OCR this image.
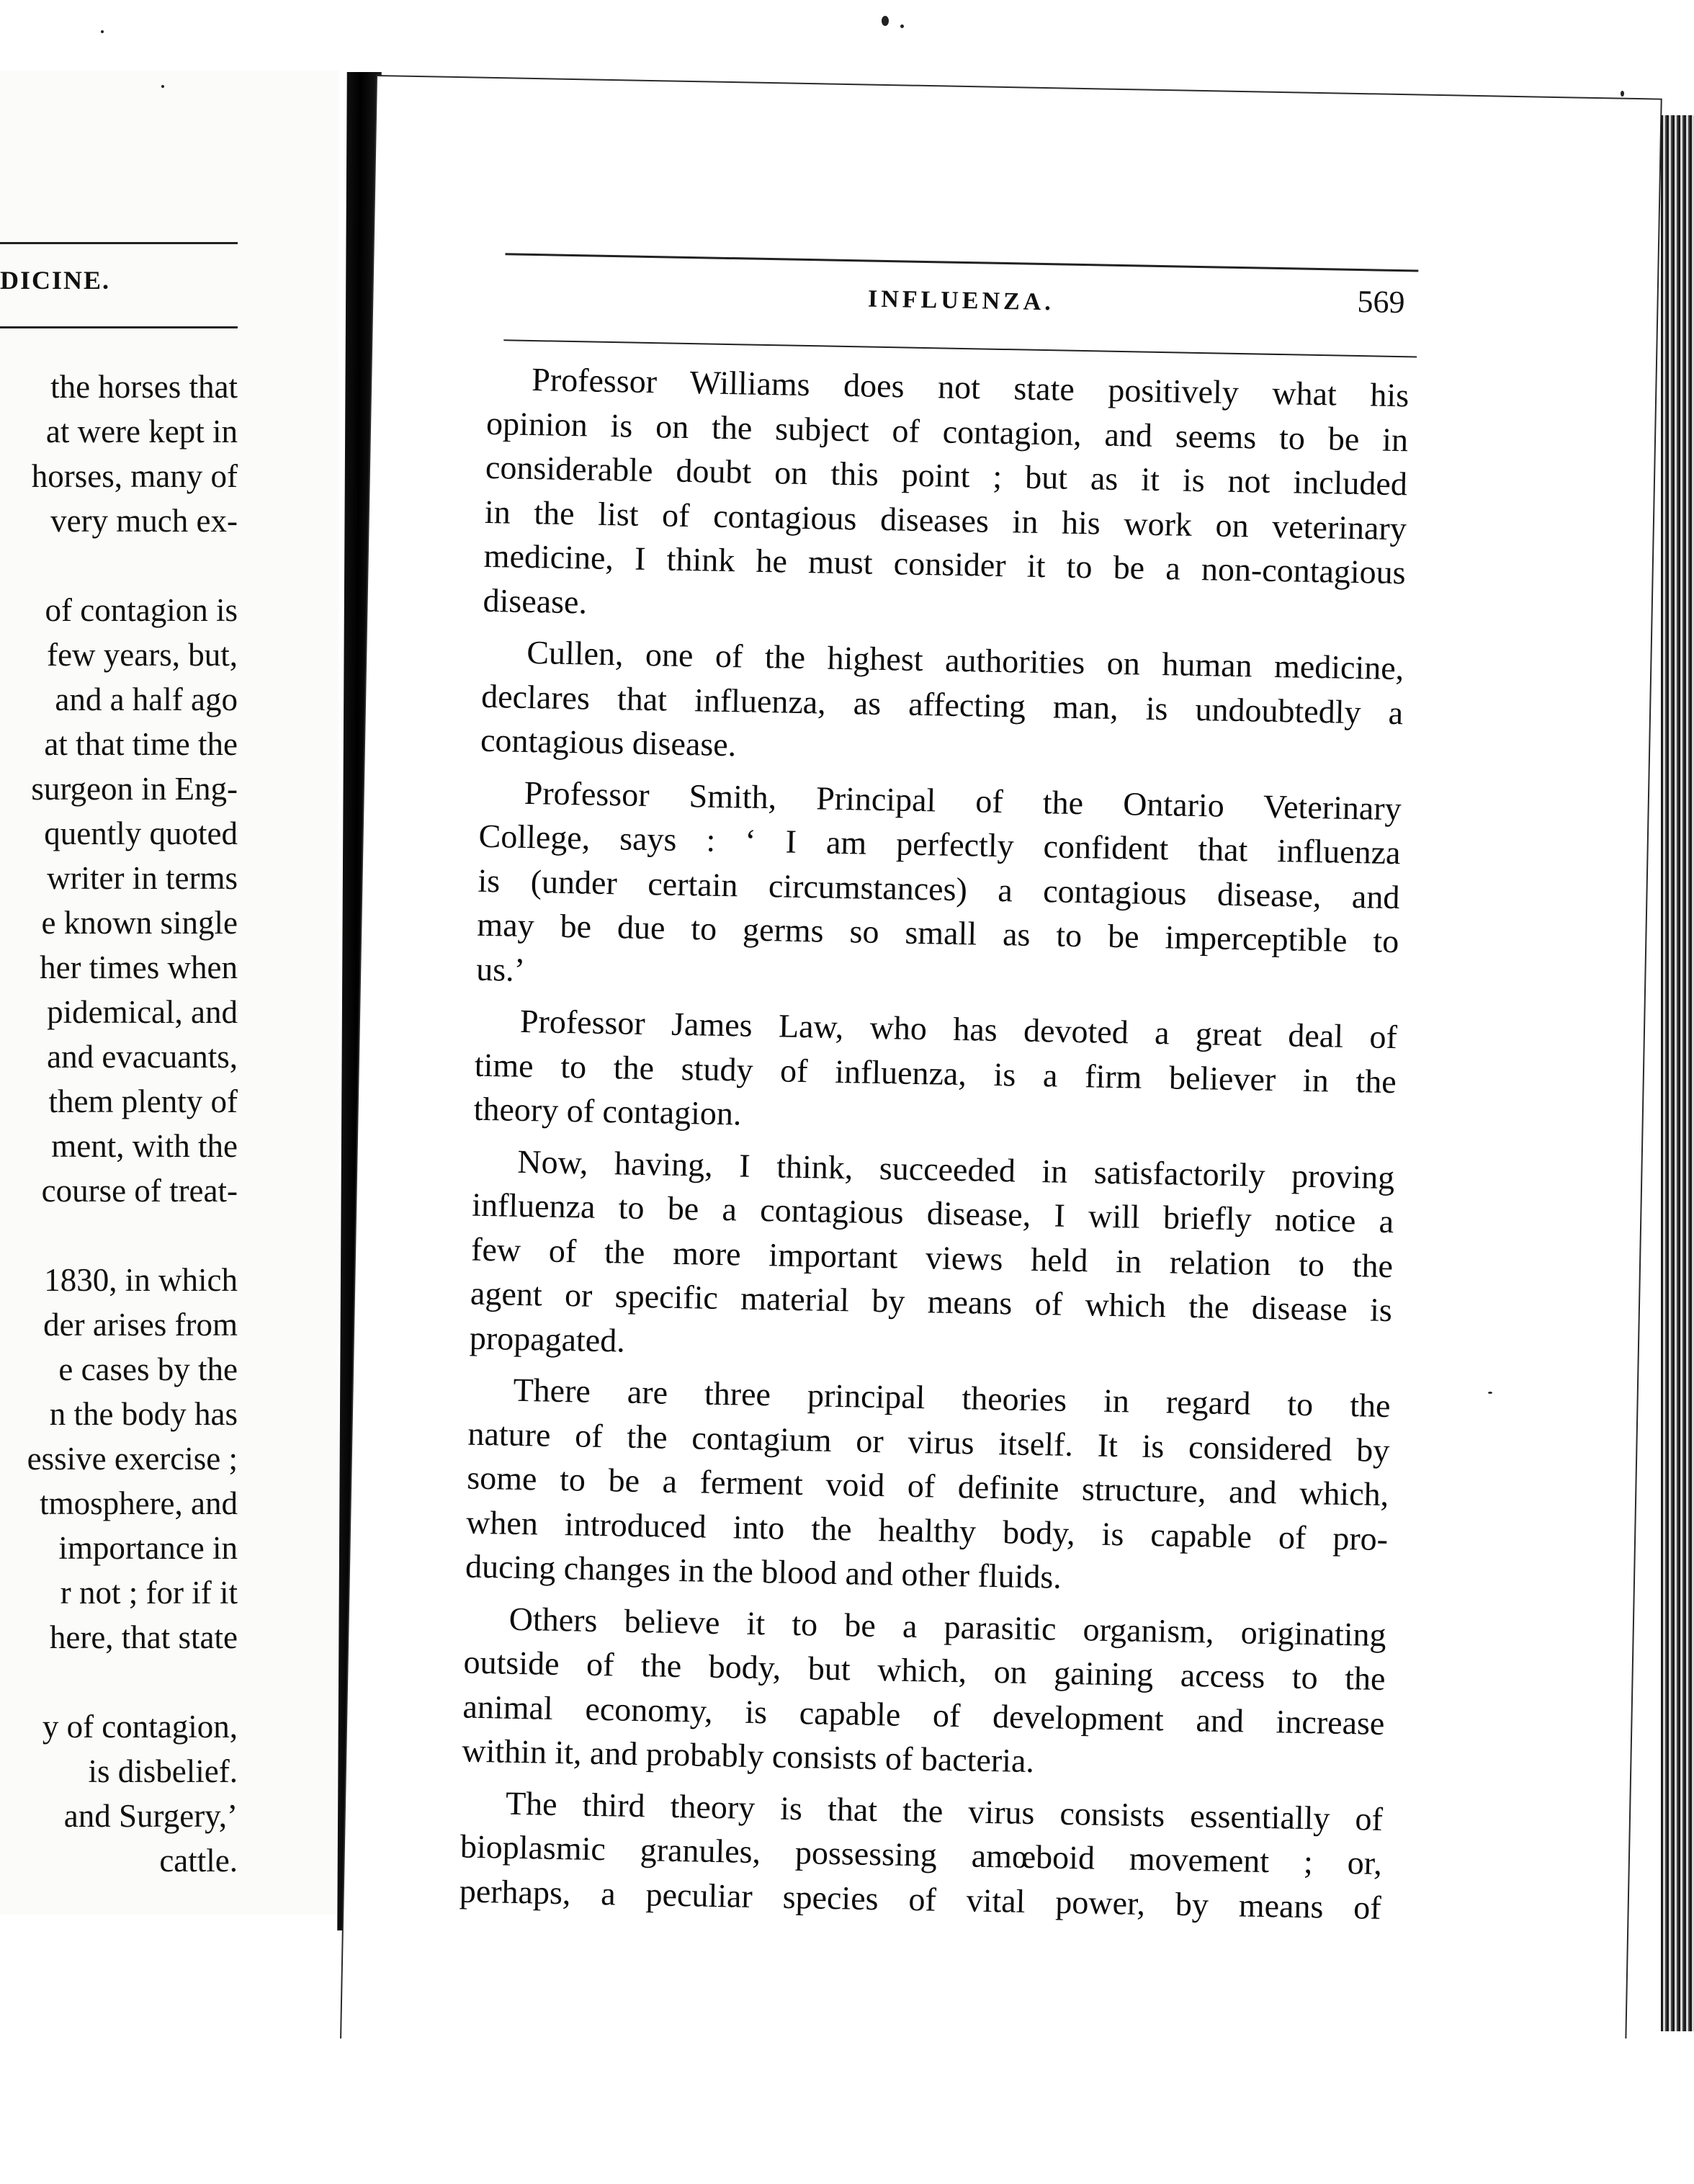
DICINE.
the horses that
at were kept in
horses, many of
very much ex-
of contagion is
few years, but,
and a half ago
at that time the
surgeon in Eng-
quently quoted
writer in terms
e known single
her times when
pidemical, and
and evacuants,
them plenty of
ment, with the
course of treat-
1830, in which
der arises from
e cases by the
n the body has
essive exercise ;
tmosphere, and
importance in
r not ; for if it
here, that state
y of contagion,
is disbelief.
and Surgery,’
cattle.
INFLUENZA.	569
Professor Williams does not state positively what his
opinion is on the subject of contagion, and seems to be in
considerable doubt on this point ; but as it is not included
in the list of contagious diseases in his work on veterinary
medicine, I think he must consider it to be a non-contagious
disease.
Cullen, one of the highest authorities on human medicine,
declares that influenza, as affecting man, is undoubtedly a
contagious disease.
Professor Smith, Principal of the Ontario Veterinary
College, says : ‘ I am perfectly confident that influenza
is (under certain circumstances) a contagious disease, and
may be due to germs so small as to be imperceptible to
us.’
Professor James Law, who has devoted a great deal of
time to the study of influenza, is a firm believer in the
theory of contagion.
Now, having, I think, succeeded in satisfactorily proving
influenza to be a contagious disease, I will briefly notice a
few of the more important views held in relation to the
agent or specific material by means of which the disease is
propagated.
There are three principal theories in regard to the
nature of the contagium or virus itself. It is considered by
some to be a ferment void of definite structure, and which,
when introduced into the healthy body, is capable of pro-
ducing changes in the blood and other fluids.
Others believe it to be a parasitic organism, originating
outside of the body, but which, on gaining access to the
animal economy, is capable of development and increase
within it, and probably consists of bacteria.
The third theory is that the virus consists essentially of
bioplasmic granules, possessing amœboid movement ; or,
perhaps, a peculiar species of vital power, by means of
